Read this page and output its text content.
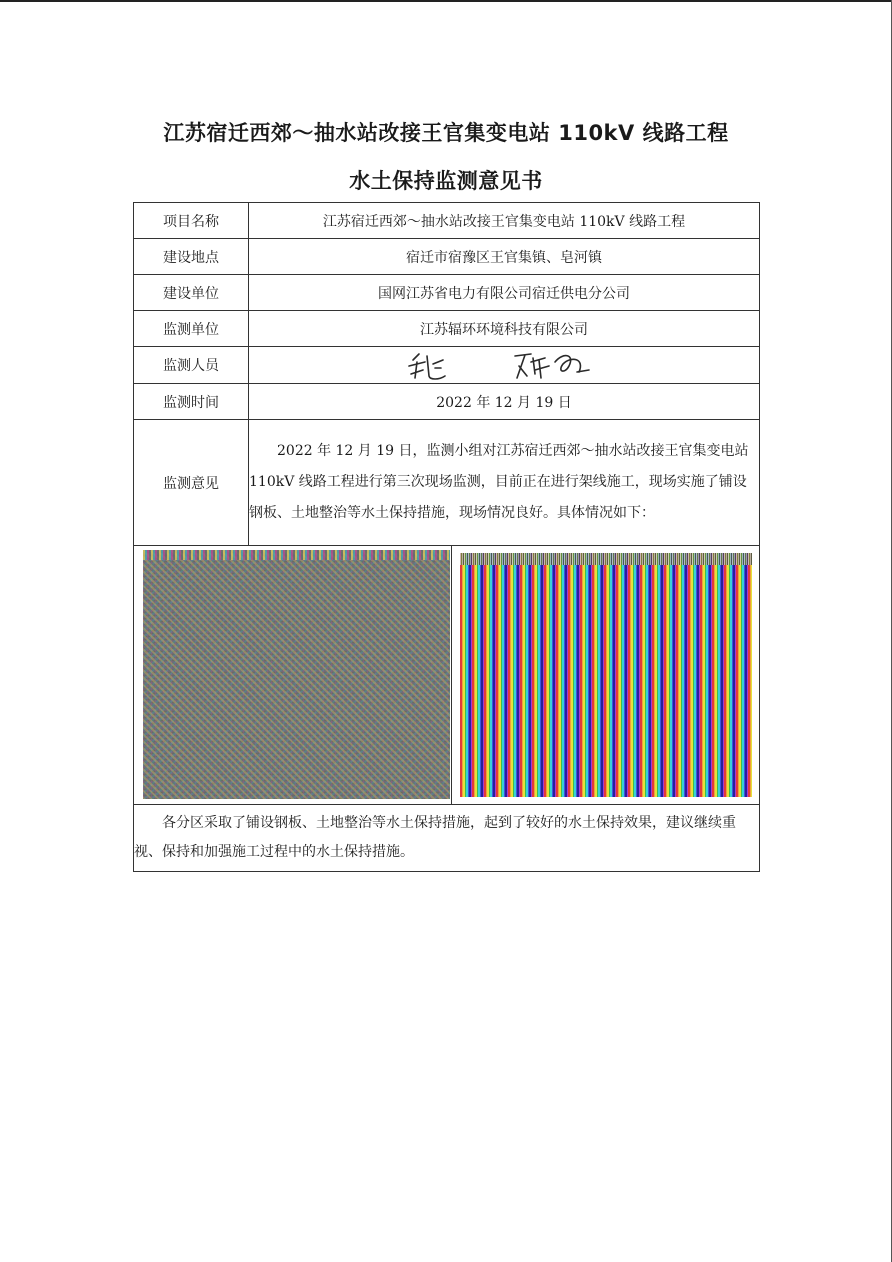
江苏宿迁西郊～抽水站改接王官集变电站 110kV 线路工程
水土保持监测意见书
项目名称	江苏宿迁西郊～抽水站改接王官集变电站 110kV 线路工程
建设地点	宿迁市宿豫区王官集镇、皂河镇
建设单位	国网江苏省电力有限公司宿迁供电分公司
监测单位	江苏辐环环境科技有限公司
监测人员	

监测时间	2022 年 12 月 19 日
监测意见	2022 年 12 月 19 日，监测小组对江苏宿迁西郊～抽水站改接王官集变电站 110kV 线路工程进行第三次现场监测，目前正在进行架线施工，现场实施了铺设钢板、土地整治等水土保持措施，现场情况良好。具体情况如下：

各分区采取了铺设钢板、土地整治等水土保持措施，起到了较好的水土保持效果，建议继续重视、保持和加强施工过程中的水土保持措施。	
